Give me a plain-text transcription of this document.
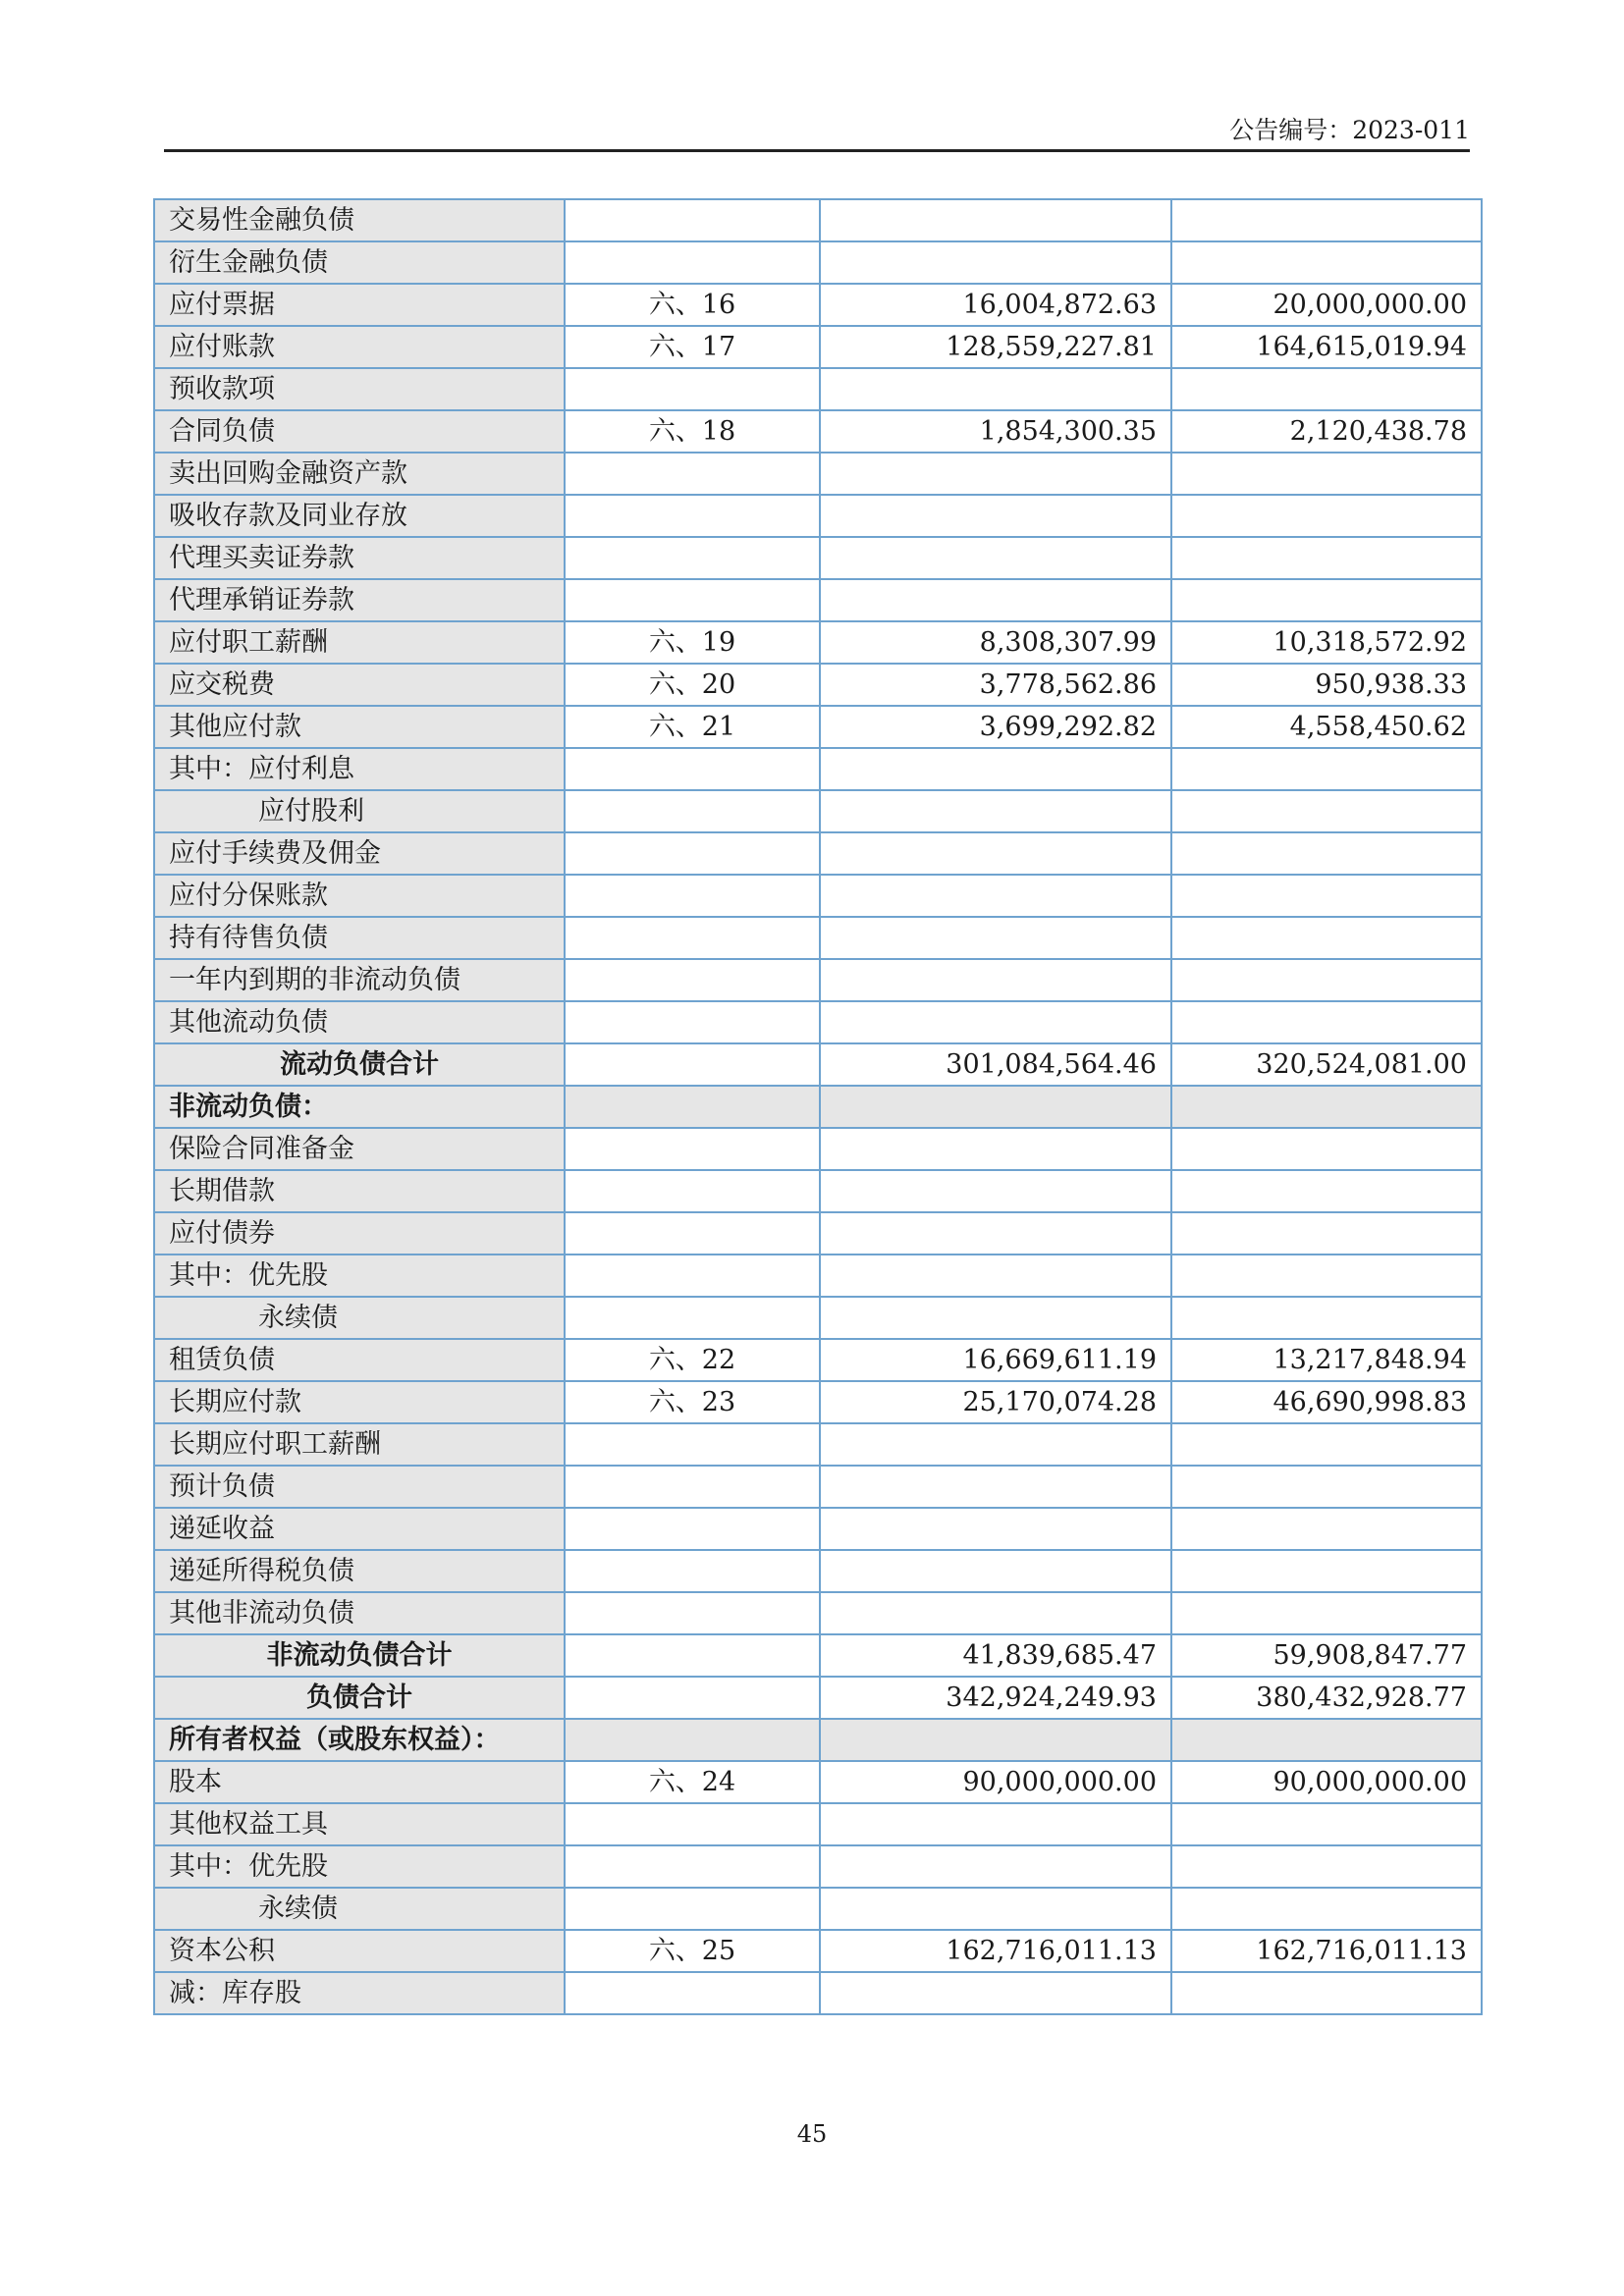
公告编号：2023-011
交易性金融负债			
衍生金融负债			
应付票据	六、16	16,004,872.63	20,000,000.00
应付账款	六、17	128,559,227.81	164,615,019.94
预收款项			
合同负债	六、18	1,854,300.35	2,120,438.78
卖出回购金融资产款			
吸收存款及同业存放			
代理买卖证券款			
代理承销证券款			
应付职工薪酬	六、19	8,308,307.99	10,318,572.92
应交税费	六、20	3,778,562.86	950,938.33
其他应付款	六、21	3,699,292.82	4,558,450.62
其中：应付利息			
应付股利			
应付手续费及佣金			
应付分保账款			
持有待售负债			
一年内到期的非流动负债			
其他流动负债			
流动负债合计		301,084,564.46	320,524,081.00
非流动负债：			
保险合同准备金			
长期借款			
应付债券			
其中：优先股			
永续债			
租赁负债	六、22	16,669,611.19	13,217,848.94
长期应付款	六、23	25,170,074.28	46,690,998.83
长期应付职工薪酬			
预计负债			
递延收益			
递延所得税负债			
其他非流动负债			
非流动负债合计		41,839,685.47	59,908,847.77
负债合计		342,924,249.93	380,432,928.77
所有者权益（或股东权益）：			
股本	六、24	90,000,000.00	90,000,000.00
其他权益工具			
其中：优先股			
永续债			
资本公积	六、25	162,716,011.13	162,716,011.13
减：库存股			
45
